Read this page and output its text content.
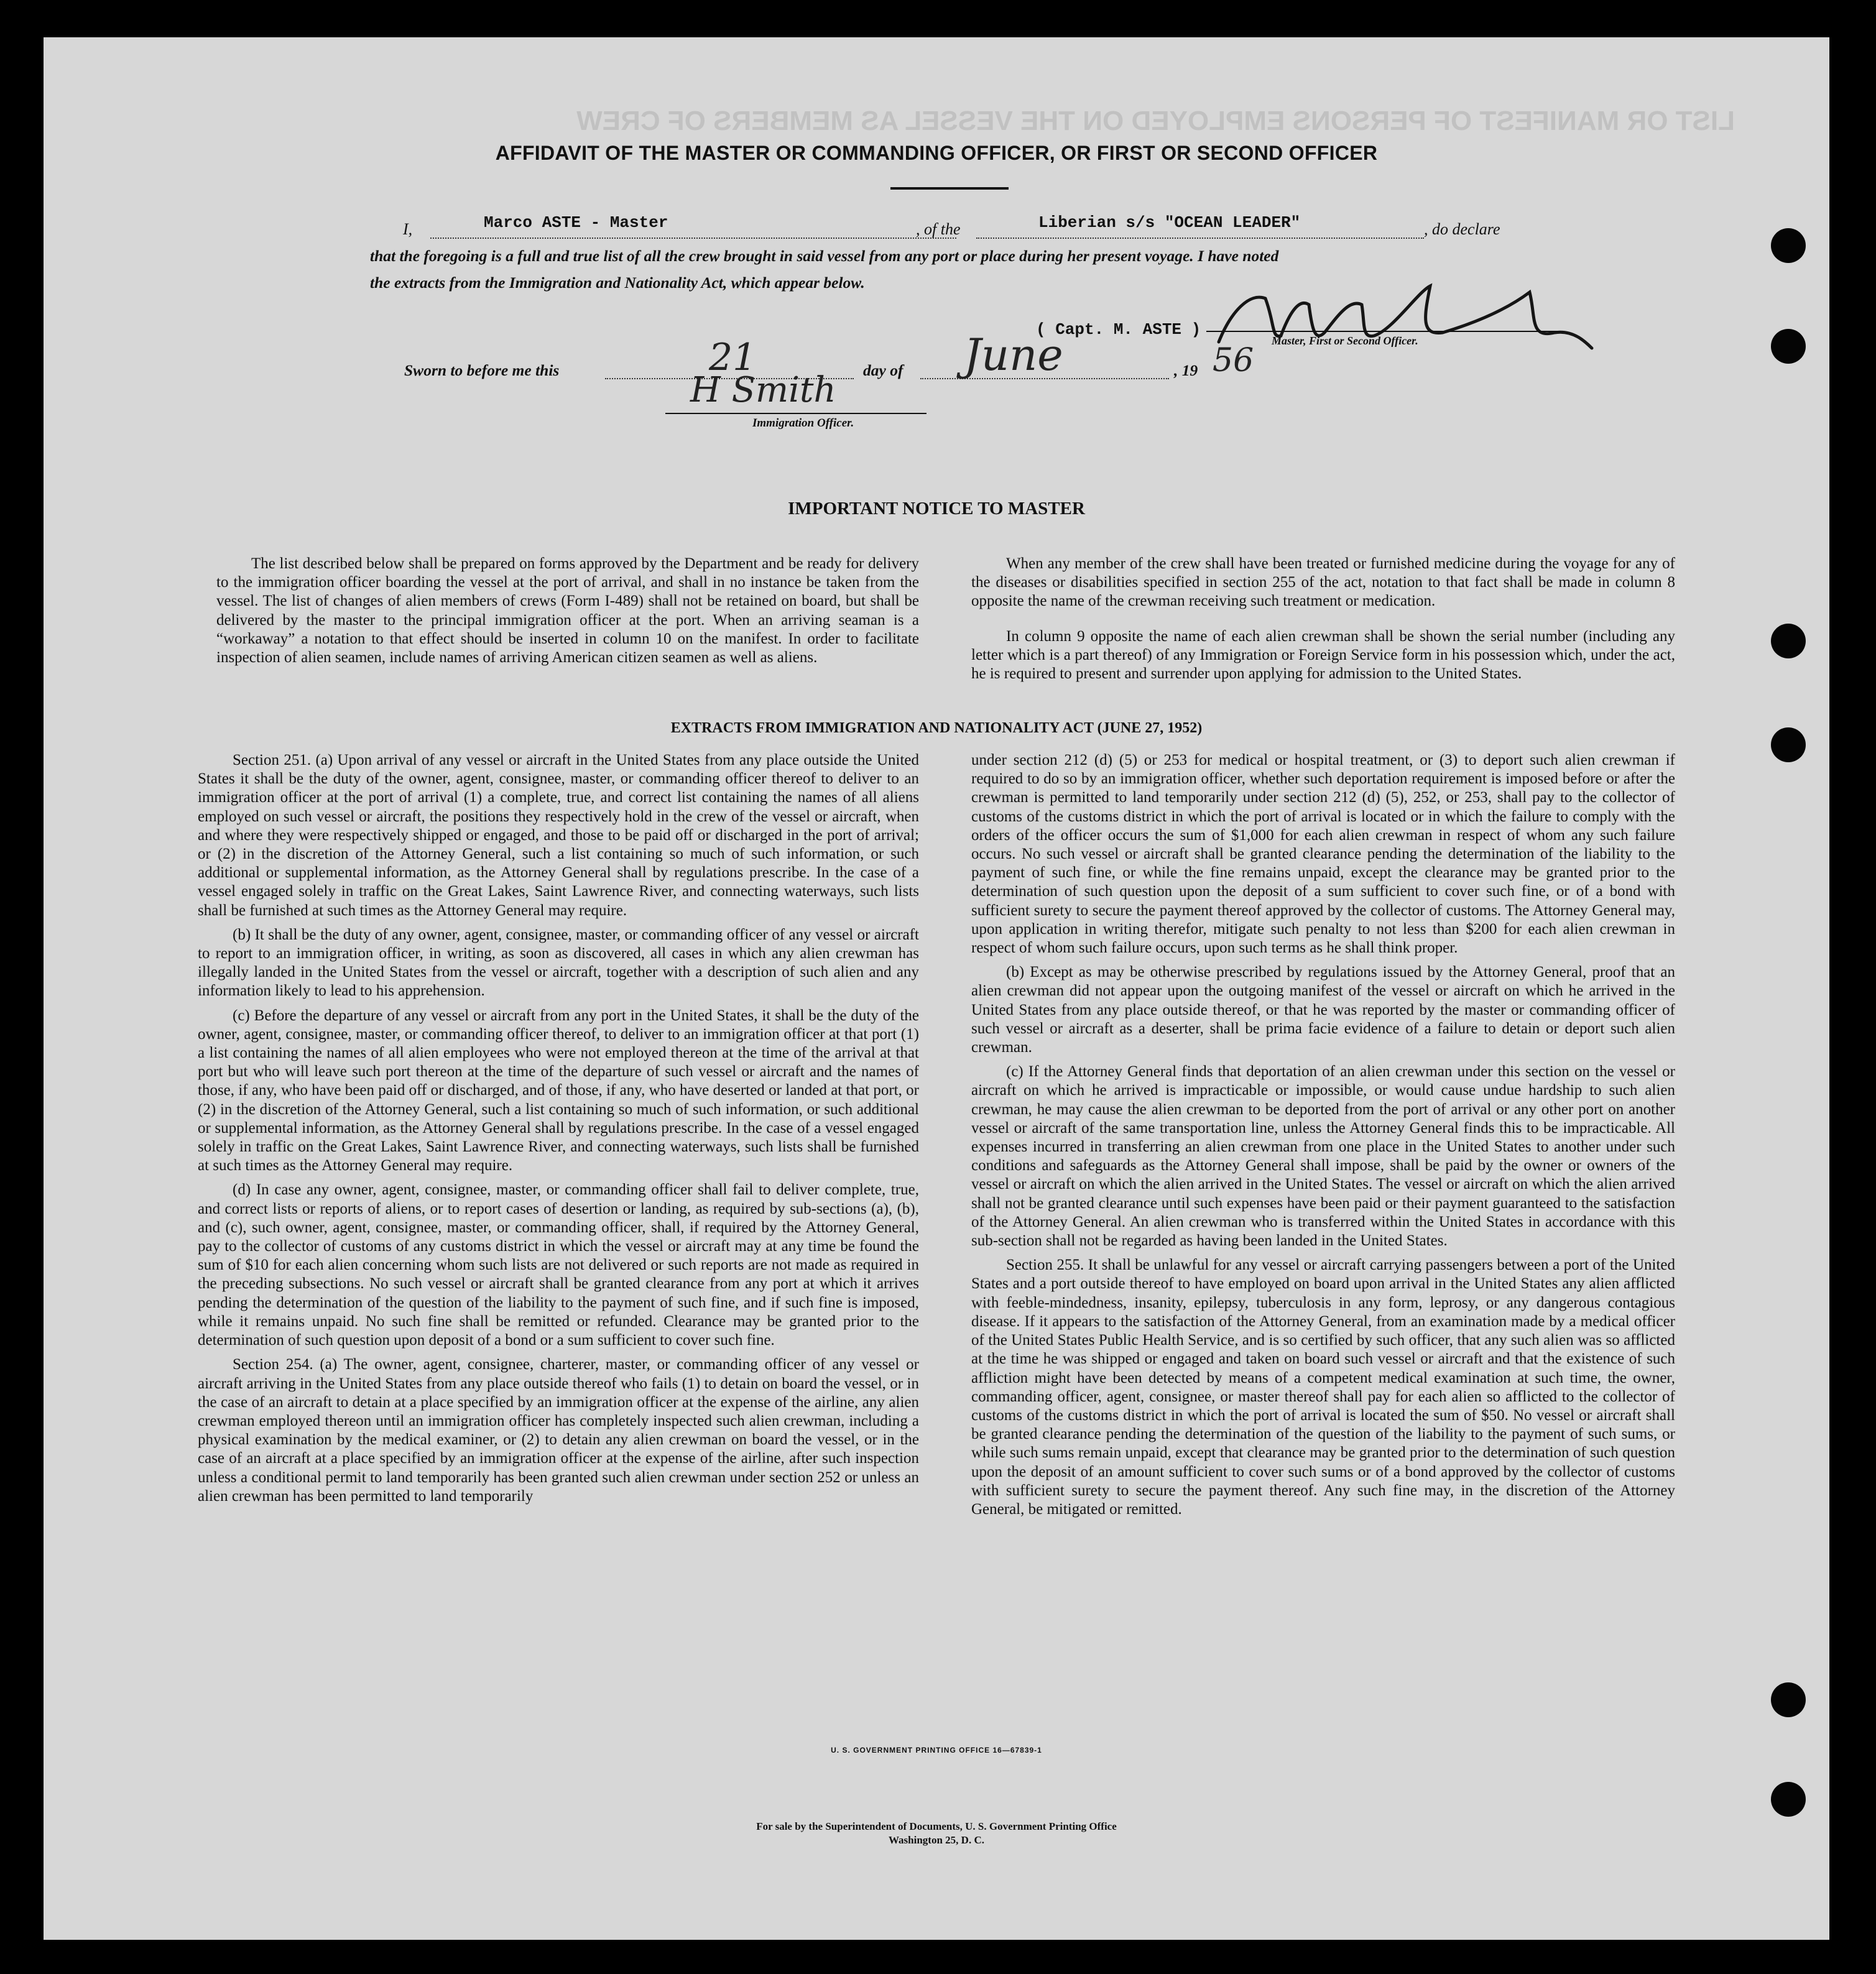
LIST OR MANIFEST OF PERSONS EMPLOYED ON THE VESSEL AS MEMBERS OF CREW
AFFIDAVIT OF THE MASTER OR COMMANDING OFFICER, OR FIRST OR SECOND OFFICER
I,	Marco ASTE - Master	, of the	Liberian s/s "OCEAN LEADER"	, do declare
that the foregoing is a full and true list of all the crew brought in said vessel from any port or place during her present voyage. I have noted
the extracts from the Immigration and Nationality Act, which appear below.
( Capt. M. ASTE )
Master, First or Second Officer.
Sworn to before me this	21	day of June	, 19 56
H Smith
Immigration Officer.
IMPORTANT NOTICE TO MASTER

The list described below shall be prepared on forms approved by the Department and be ready for delivery to the immigration officer boarding the vessel at the port of arrival, and shall in no instance be taken from the vessel. The list of changes of alien members of crews (Form I-489) shall not be retained on board, but shall be delivered by the master to the principal immigration officer at the port. When an arriving seaman is a “workaway” a notation to that effect should be inserted in column 10 on the manifest. In order to facilitate inspection of alien seamen, include names of arriving American citizen seamen as well as aliens.

When any member of the crew shall have been treated or furnished medicine during the voyage for any of the diseases or disabilities specified in section 255 of the act, notation to that fact shall be made in column 8 opposite the name of the crewman receiving such treatment or medication.

In column 9 opposite the name of each alien crewman shall be shown the serial number (including any letter which is a part thereof) of any Immigration or Foreign Service form in his possession which, under the act, he is required to present and surrender upon applying for admission to the United States.

EXTRACTS FROM IMMIGRATION AND NATIONALITY ACT (JUNE 27, 1952)

Section 251. (a) Upon arrival of any vessel or aircraft in the United States from any place outside the United States it shall be the duty of the owner, agent, consignee, master, or commanding officer thereof to deliver to an immigration officer at the port of arrival (1) a complete, true, and correct list containing the names of all aliens employed on such vessel or aircraft, the positions they respectively hold in the crew of the vessel or aircraft, when and where they were respectively shipped or engaged, and those to be paid off or discharged in the port of arrival; or (2) in the discretion of the Attorney General, such a list containing so much of such information, or such additional or supplemental information, as the Attorney General shall by regulations prescribe. In the case of a vessel engaged solely in traffic on the Great Lakes, Saint Lawrence River, and connecting waterways, such lists shall be furnished at such times as the Attorney General may require.

(b) It shall be the duty of any owner, agent, consignee, master, or commanding officer of any vessel or aircraft to report to an immigration officer, in writing, as soon as discovered, all cases in which any alien crewman has illegally landed in the United States from the vessel or aircraft, together with a description of such alien and any information likely to lead to his apprehension.

(c) Before the departure of any vessel or aircraft from any port in the United States, it shall be the duty of the owner, agent, consignee, master, or commanding officer thereof, to deliver to an immigration officer at that port (1) a list containing the names of all alien employees who were not employed thereon at the time of the arrival at that port but who will leave such port thereon at the time of the departure of such vessel or aircraft and the names of those, if any, who have been paid off or discharged, and of those, if any, who have deserted or landed at that port, or (2) in the discretion of the Attorney General, such a list containing so much of such information, or such additional or supplemental information, as the Attorney General shall by regulations prescribe. In the case of a vessel engaged solely in traffic on the Great Lakes, Saint Lawrence River, and connecting waterways, such lists shall be furnished at such times as the Attorney General may require.

(d) In case any owner, agent, consignee, master, or commanding officer shall fail to deliver complete, true, and correct lists or reports of aliens, or to report cases of desertion or landing, as required by sub-sections (a), (b), and (c), such owner, agent, consignee, master, or commanding officer, shall, if required by the Attorney General, pay to the collector of customs of any customs district in which the vessel or aircraft may at any time be found the sum of $10 for each alien concerning whom such lists are not delivered or such reports are not made as required in the preceding subsections. No such vessel or aircraft shall be granted clearance from any port at which it arrives pending the determination of the question of the liability to the payment of such fine, and if such fine is imposed, while it remains unpaid. No such fine shall be remitted or refunded. Clearance may be granted prior to the determination of such question upon deposit of a bond or a sum sufficient to cover such fine.

Section 254. (a) The owner, agent, consignee, charterer, master, or commanding officer of any vessel or aircraft arriving in the United States from any place outside thereof who fails (1) to detain on board the vessel, or in the case of an aircraft to detain at a place specified by an immigration officer at the expense of the airline, any alien crewman employed thereon until an immigration officer has completely inspected such alien crewman, including a physical examination by the medical examiner, or (2) to detain any alien crewman on board the vessel, or in the case of an aircraft at a place specified by an immigration officer at the expense of the airline, after such inspection unless a conditional permit to land temporarily has been granted such alien crewman under section 252 or unless an alien crewman has been permitted to land temporarily

under section 212 (d) (5) or 253 for medical or hospital treatment, or (3) to deport such alien crewman if required to do so by an immigration officer, whether such deportation requirement is imposed before or after the crewman is permitted to land temporarily under section 212 (d) (5), 252, or 253, shall pay to the collector of customs of the customs district in which the port of arrival is located or in which the failure to comply with the orders of the officer occurs the sum of $1,000 for each alien crewman in respect of whom any such failure occurs. No such vessel or aircraft shall be granted clearance pending the determination of the liability to the payment of such fine, or while the fine remains unpaid, except the clearance may be granted prior to the determination of such question upon the deposit of a sum sufficient to cover such fine, or of a bond with sufficient surety to secure the payment thereof approved by the collector of customs. The Attorney General may, upon application in writing therefor, mitigate such penalty to not less than $200 for each alien crewman in respect of whom such failure occurs, upon such terms as he shall think proper.

(b) Except as may be otherwise prescribed by regulations issued by the Attorney General, proof that an alien crewman did not appear upon the outgoing manifest of the vessel or aircraft on which he arrived in the United States from any place outside thereof, or that he was reported by the master or commanding officer of such vessel or aircraft as a deserter, shall be prima facie evidence of a failure to detain or deport such alien crewman.

(c) If the Attorney General finds that deportation of an alien crewman under this section on the vessel or aircraft on which he arrived is impracticable or impossible, or would cause undue hardship to such alien crewman, he may cause the alien crewman to be deported from the port of arrival or any other port on another vessel or aircraft of the same transportation line, unless the Attorney General finds this to be impracticable. All expenses incurred in transferring an alien crewman from one place in the United States to another under such conditions and safeguards as the Attorney General shall impose, shall be paid by the owner or owners of the vessel or aircraft on which the alien arrived in the United States. The vessel or aircraft on which the alien arrived shall not be granted clearance until such expenses have been paid or their payment guaranteed to the satisfaction of the Attorney General. An alien crewman who is transferred within the United States in accordance with this sub-section shall not be regarded as having been landed in the United States.

Section 255. It shall be unlawful for any vessel or aircraft carrying passengers between a port of the United States and a port outside thereof to have employed on board upon arrival in the United States any alien afflicted with feeble-mindedness, insanity, epilepsy, tuberculosis in any form, leprosy, or any dangerous contagious disease. If it appears to the satisfaction of the Attorney General, from an examination made by a medical officer of the United States Public Health Service, and is so certified by such officer, that any such alien was so afflicted at the time he was shipped or engaged and taken on board such vessel or aircraft and that the existence of such affliction might have been detected by means of a competent medical examination at such time, the owner, commanding officer, agent, consignee, or master thereof shall pay for each alien so afflicted to the collector of customs of the customs district in which the port of arrival is located the sum of $50. No vessel or aircraft shall be granted clearance pending the determination of the question of the liability to the payment of such sums, or while such sums remain unpaid, except that clearance may be granted prior to the determination of such question upon the deposit of an amount sufficient to cover such sums or of a bond approved by the collector of customs with sufficient surety to secure the payment thereof. Any such fine may, in the discretion of the Attorney General, be mitigated or remitted.

U. S. GOVERNMENT PRINTING OFFICE 16—67839-1
For sale by the Superintendent of Documents, U. S. Government Printing Office
Washington 25, D. C.
